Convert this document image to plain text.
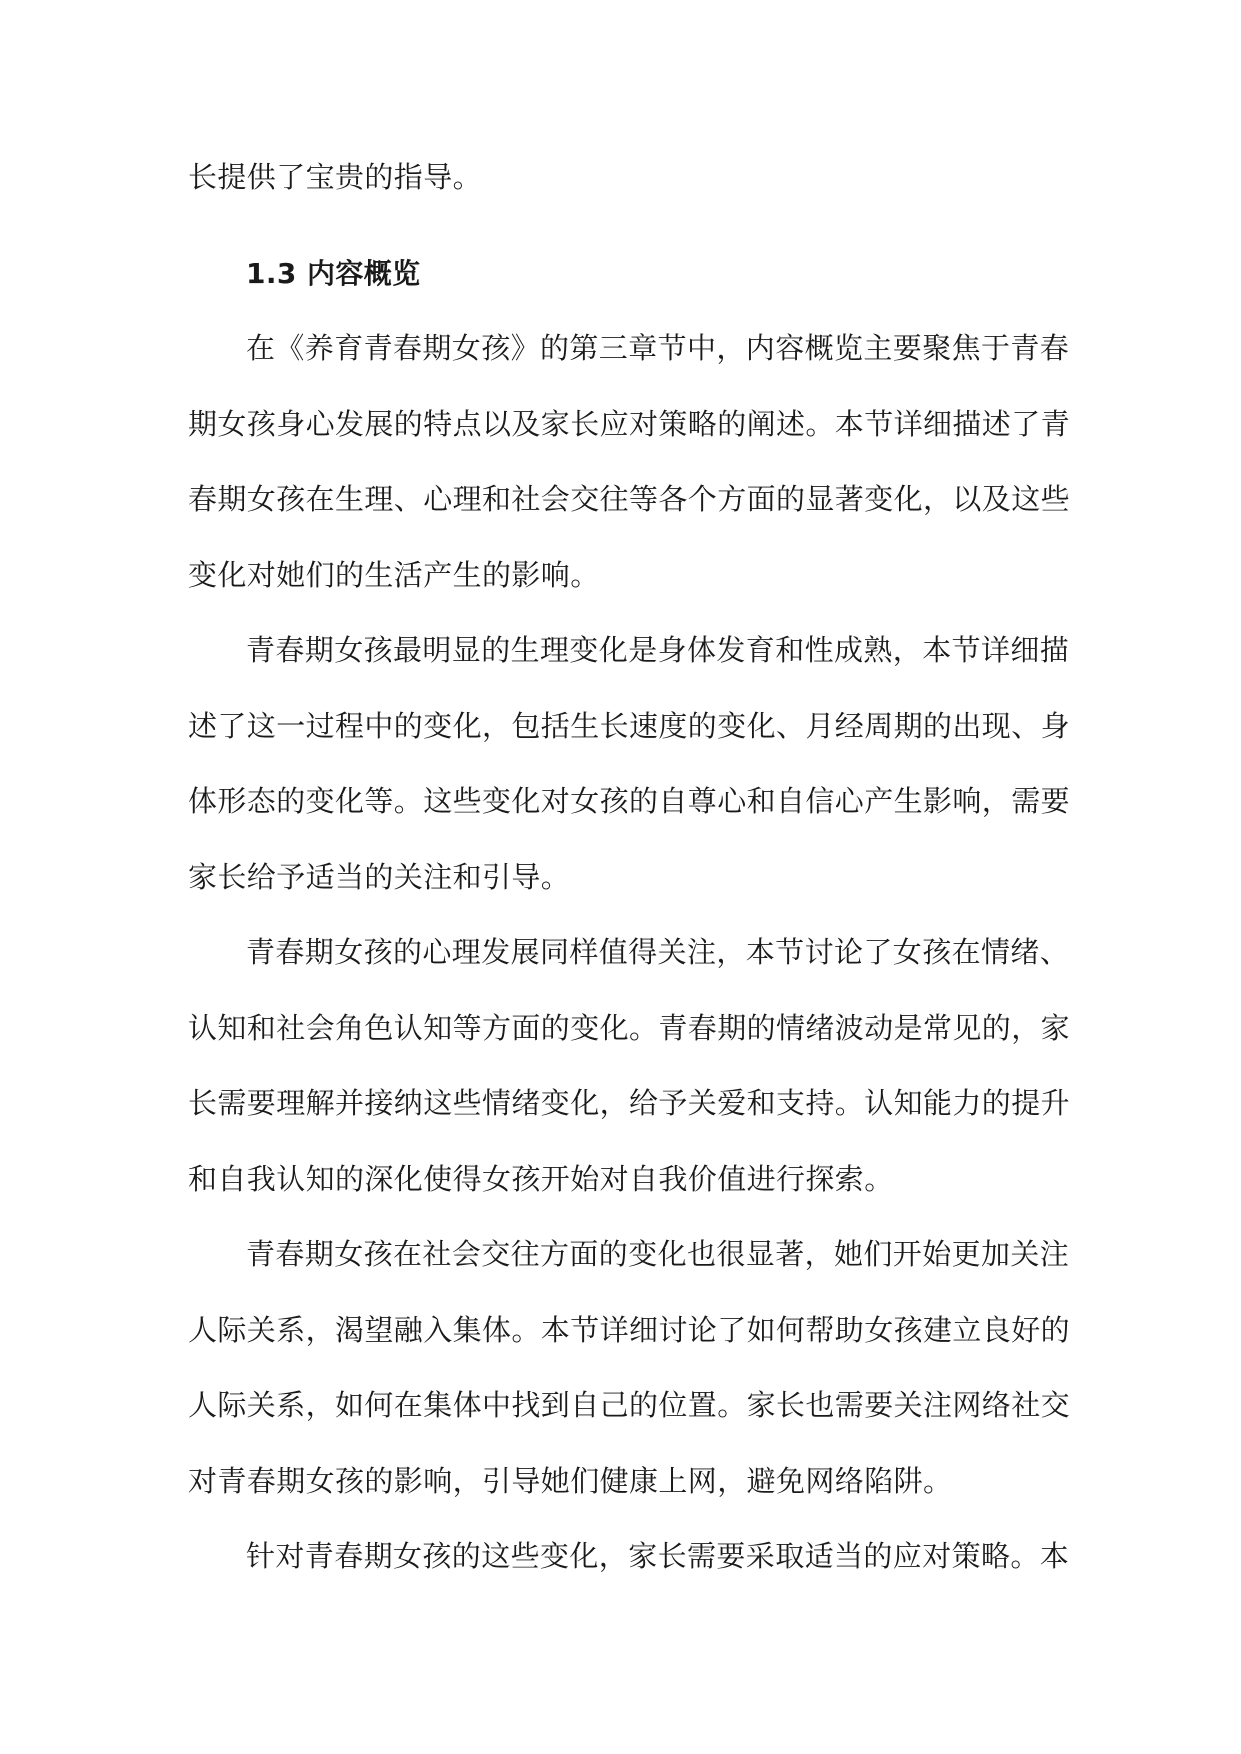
长提供了宝贵的指导。
1.3 内容概览
在《养育青春期女孩》的第三章节中，内容概览主要聚焦于青春
期女孩身心发展的特点以及家长应对策略的阐述。本节详细描述了青
春期女孩在生理、心理和社会交往等各个方面的显著变化，以及这些
变化对她们的生活产生的影响。
青春期女孩最明显的生理变化是身体发育和性成熟，本节详细描
述了这一过程中的变化，包括生长速度的变化、月经周期的出现、身
体形态的变化等。这些变化对女孩的自尊心和自信心产生影响，需要
家长给予适当的关注和引导。
青春期女孩的心理发展同样值得关注，本节讨论了女孩在情绪、
认知和社会角色认知等方面的变化。青春期的情绪波动是常见的，家
长需要理解并接纳这些情绪变化，给予关爱和支持。认知能力的提升
和自我认知的深化使得女孩开始对自我价值进行探索。
青春期女孩在社会交往方面的变化也很显著，她们开始更加关注
人际关系，渴望融入集体。本节详细讨论了如何帮助女孩建立良好的
人际关系，如何在集体中找到自己的位置。家长也需要关注网络社交
对青春期女孩的影响，引导她们健康上网，避免网络陷阱。
针对青春期女孩的这些变化，家长需要采取适当的应对策略。本
